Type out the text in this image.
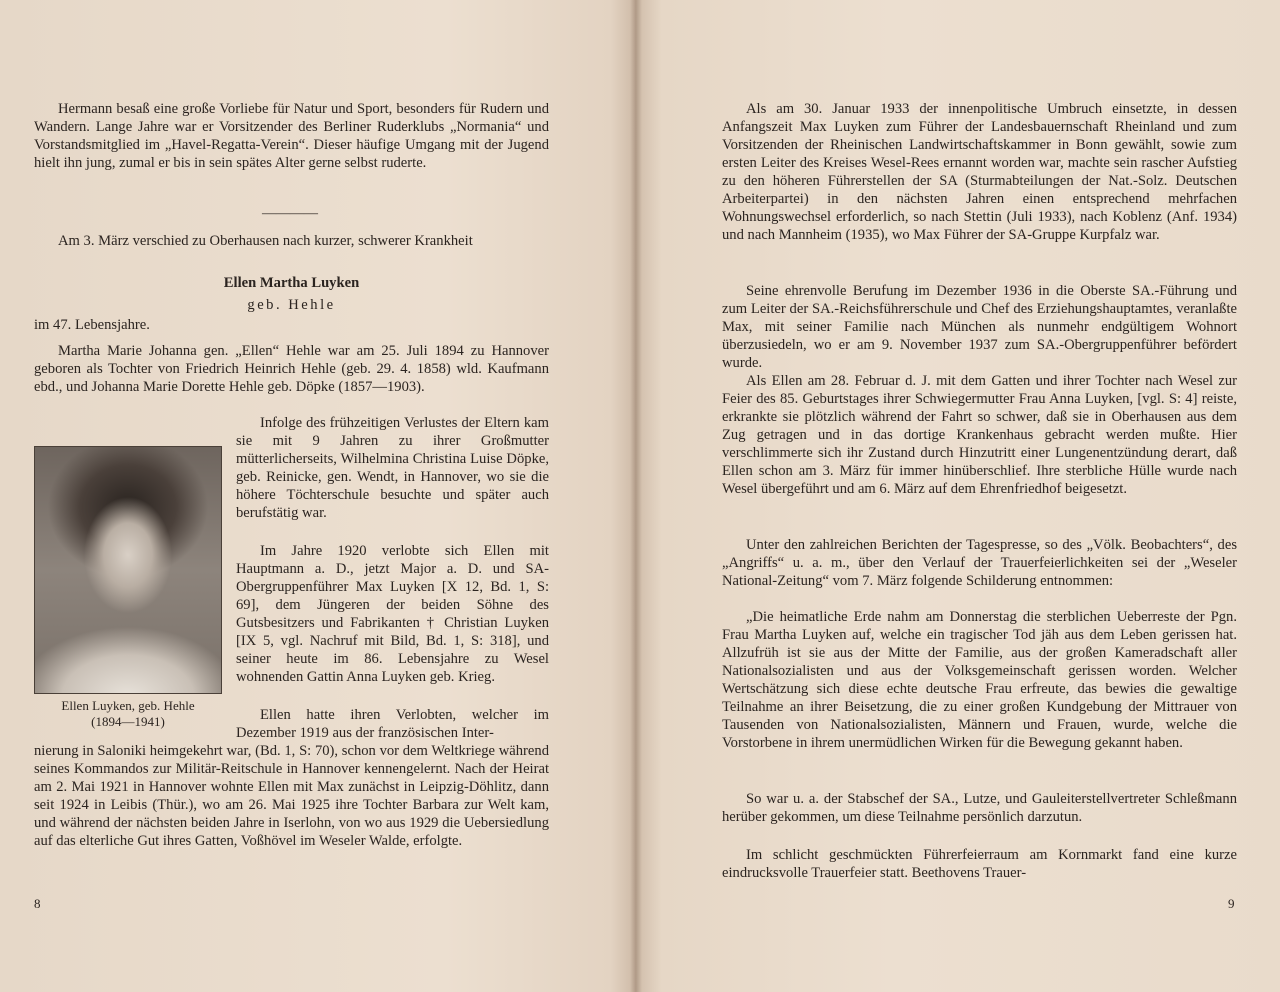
Hermann besaß eine große Vorliebe für Natur und Sport, besonders für Rudern und Wandern. Lange Jahre war er Vorsitzender des Berliner Ruderklubs „Normania“ und Vorstandsmitglied im „Havel-Regatta-Verein“. Dieser häufige Umgang mit der Jugend hielt ihn jung, zumal er bis in sein spätes Alter gerne selbst ruderte.

————

Am 3. März verschied zu Oberhausen nach kurzer, schwerer Krankheit

Ellen Martha Luyken
geb. Hehle
im 47. Lebensjahre.

Martha Marie Johanna gen. „Ellen“ Hehle war am 25. Juli 1894 zu Hannover geboren als Tochter von Friedrich Heinrich Hehle (geb. 29. 4. 1858) wld. Kaufmann ebd., und Johanna Marie Dorette Hehle geb. Döpke (1857—1903).

Ellen Luyken, geb. Hehle
(1894—1941)

Infolge des frühzeitigen Verlustes der Eltern kam sie mit 9 Jahren zu ihrer Großmutter mütterlicherseits, Wilhelmina Christina Luise Döpke, geb. Reinicke, gen. Wendt, in Hannover, wo sie die höhere Töchterschule besuchte und später auch berufstätig war.

Im Jahre 1920 verlobte sich Ellen mit Hauptmann a. D., jetzt Major a. D. und SA-Obergruppenführer Max Luyken [X 12, Bd. 1, S: 69], dem Jüngeren der beiden Söhne des Gutsbesitzers und Fabrikanten † Christian Luyken [IX 5, vgl. Nachruf mit Bild, Bd. 1, S: 318], und seiner heute im 86. Lebensjahre zu Wesel wohnenden Gattin Anna Luyken geb. Krieg.

Ellen hatte ihren Verlobten, welcher im Dezember 1919 aus der französischen Inter-

nierung in Saloniki heimgekehrt war, (Bd. 1, S: 70), schon vor dem Weltkriege während seines Kommandos zur Militär-Reitschule in Hannover kennengelernt. Nach der Heirat am 2. Mai 1921 in Hannover wohnte Ellen mit Max zunächst in Leipzig-Döhlitz, dann seit 1924 in Leibis (Thür.), wo am 26. Mai 1925 ihre Tochter Barbara zur Welt kam, und während der nächsten beiden Jahre in Iserlohn, von wo aus 1929 die Uebersiedlung auf das elterliche Gut ihres Gatten, Voßhövel im Weseler Walde, erfolgte.

8

Als am 30. Januar 1933 der innenpolitische Umbruch einsetzte, in dessen Anfangszeit Max Luyken zum Führer der Landesbauernschaft Rheinland und zum Vorsitzenden der Rheinischen Landwirtschaftskammer in Bonn gewählt, sowie zum ersten Leiter des Kreises Wesel-Rees ernannt worden war, machte sein rascher Aufstieg zu den höheren Führerstellen der SA (Sturmabteilungen der Nat.-Solz. Deutschen Arbeiterpartei) in den nächsten Jahren einen entsprechend mehrfachen Wohnungswechsel erforderlich, so nach Stettin (Juli 1933), nach Koblenz (Anf. 1934) und nach Mannheim (1935), wo Max Führer der SA-Gruppe Kurpfalz war.

Seine ehrenvolle Berufung im Dezember 1936 in die Oberste SA.-Führung und zum Leiter der SA.-Reichsführerschule und Chef des Erziehungshauptamtes, veranlaßte Max, mit seiner Familie nach München als nunmehr endgültigem Wohnort überzusiedeln, wo er am 9. November 1937 zum SA.-Obergruppenführer befördert wurde.

Als Ellen am 28. Februar d. J. mit dem Gatten und ihrer Tochter nach Wesel zur Feier des 85. Geburtstages ihrer Schwiegermutter Frau Anna Luyken, [vgl. S: 4] reiste, erkrankte sie plötzlich während der Fahrt so schwer, daß sie in Oberhausen aus dem Zug getragen und in das dortige Krankenhaus gebracht werden mußte. Hier verschlimmerte sich ihr Zustand durch Hinzutritt einer Lungenentzündung derart, daß Ellen schon am 3. März für immer hinüberschlief. Ihre sterbliche Hülle wurde nach Wesel übergeführt und am 6. März auf dem Ehrenfriedhof beigesetzt.

Unter den zahlreichen Berichten der Tagespresse, so des „Völk. Beobachters“, des „Angriffs“ u. a. m., über den Verlauf der Trauerfeierlichkeiten sei der „Weseler National-Zeitung“ vom 7. März folgende Schilderung entnommen:

„Die heimatliche Erde nahm am Donnerstag die sterblichen Ueberreste der Pgn. Frau Martha Luyken auf, welche ein tragischer Tod jäh aus dem Leben gerissen hat. Allzufrüh ist sie aus der Mitte der Familie, aus der großen Kameradschaft aller Nationalsozialisten und aus der Volksgemeinschaft gerissen worden. Welcher Wertschätzung sich diese echte deutsche Frau erfreute, das bewies die gewaltige Teilnahme an ihrer Beisetzung, die zu einer großen Kundgebung der Mittrauer von Tausenden von Nationalsozialisten, Männern und Frauen, wurde, welche die Vorstorbene in ihrem unermüdlichen Wirken für die Bewegung gekannt haben.

So war u. a. der Stabschef der SA., Lutze, und Gauleiterstellvertreter Schleßmann herüber gekommen, um diese Teilnahme persönlich darzutun.

Im schlicht geschmückten Führerfeierraum am Kornmarkt fand eine kurze eindrucksvolle Trauerfeier statt. Beethovens Trauer-

9
